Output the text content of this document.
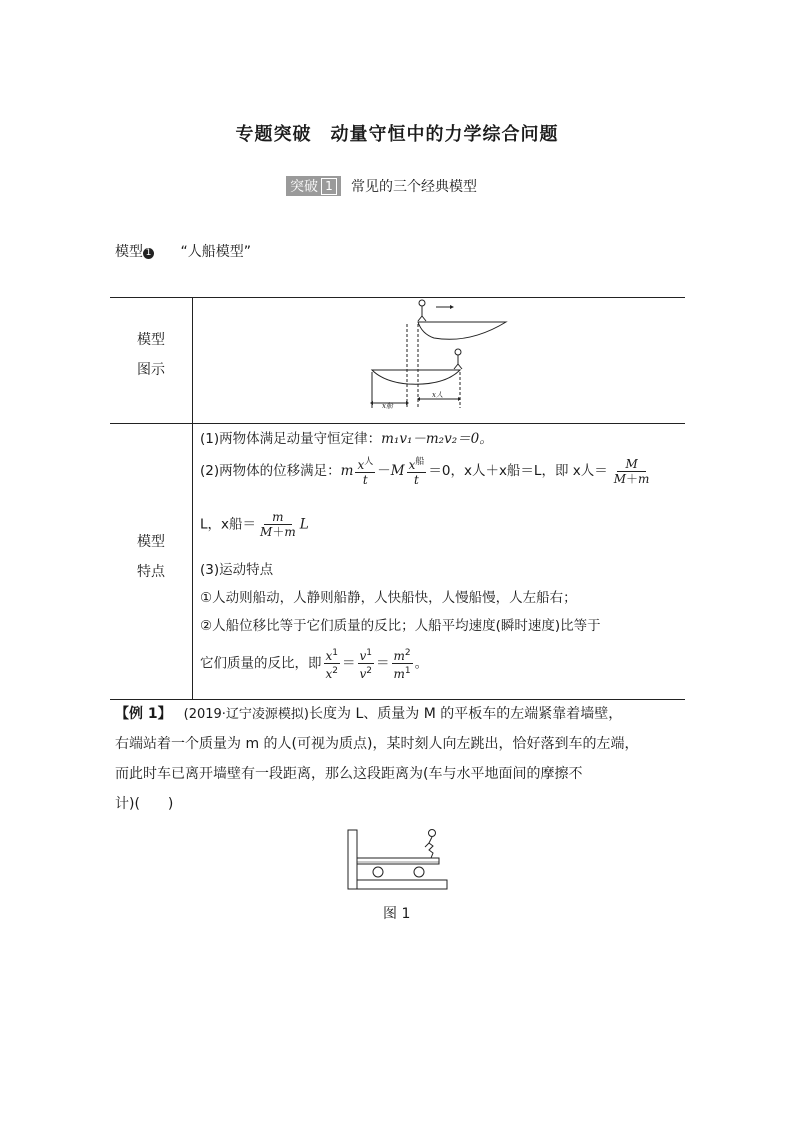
专题突破　动量守恒中的力学综合问题
突破 1 常见的三个经典模型
模型 1 “人船模型”
模型
图示
模型
特点
x船
x人
(1)两物体满足动量守恒定律：m₁v₁－m₂v₂＝0。
(2)两物体的位移满足：m $\frac{x^人}{t} -M \frac{x^船}{t} =0$，x人＋x船＝L，即 x人＝ $\frac{M}{M+m}$
L，x船＝ $\frac{m}{M+m}$ L
(3)运动特点
①人动则船动，人静则船静，人快船快，人慢船慢，人左船右；
②人船位移比等于它们质量的反比；人船平均速度(瞬时速度)比等于
它们质量的反比，即 $\frac{x^1}{x^2} = \frac{v^1}{v^2} = \frac{m^2}{m^1}$ 。
【例 1】 (2019·辽宁凌源模拟)长度为 L、质量为 M 的平板车的左端紧靠着墙壁，
右端站着一个质量为 m 的人(可视为质点)，某时刻人向左跳出，恰好落到车的左端，
而此时车已离开墙壁有一段距离，那么这段距离为(车与水平地面间的摩擦不
计)(　　)
图 1
